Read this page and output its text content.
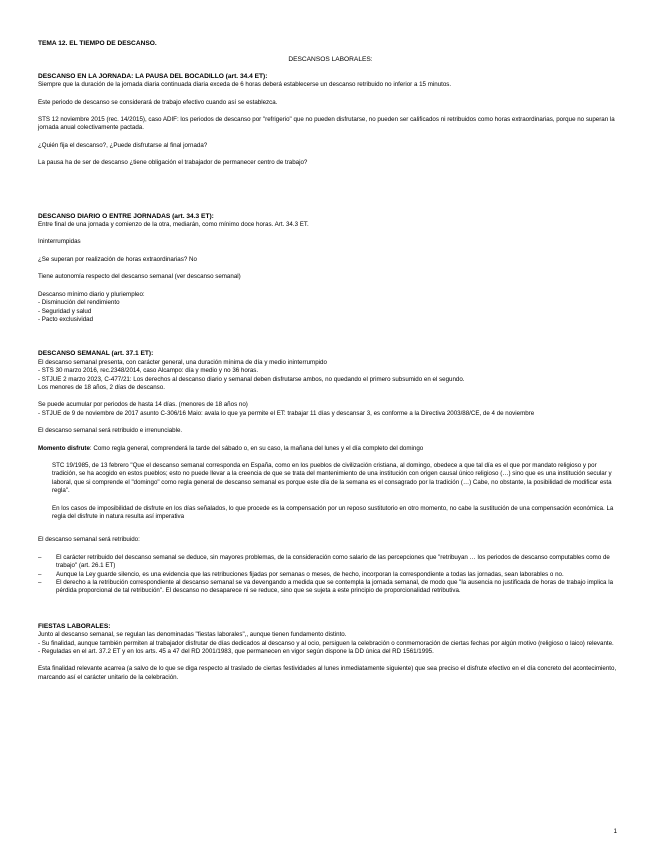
TEMA 12. EL TIEMPO DE DESCANSO.
DESCANSOS LABORALES:
DESCANSO EN LA JORNADA: LA PAUSA DEL BOCADILLO (art. 34.4 ET):

Siempre que la duración de la jornada diaria continuada diaria exceda de 6 horas deberá establecerse un descanso retribuido no inferior a 15 minutos.

Este periodo de descanso se considerará de trabajo efectivo cuando así se establezca.

STS 12 noviembre 2015 (rec. 14/2015), caso ADIF: los periodos de descanso por "refrigerio" que no pueden disfrutarse, no pueden ser calificados ni retribuidos como horas extraordinarias, porque no superan la jornada anual colectivamente pactada.

¿Quién fija el descanso?, ¿Puede disfrutarse al final jornada?

La pausa ha de ser de descanso ¿tiene obligación el trabajador de permanecer centro de trabajo?

DESCANSO DIARIO O ENTRE JORNADAS (art. 34.3 ET):

Entre final de una jornada y comienzo de la otra, mediarán, como mínimo doce horas. Art. 34.3 ET.

Ininterrumpidas

¿Se superan por realización de horas extraordinarias? No

Tiene autonomía respecto del descanso semanal (ver descanso semanal)

Descanso mínimo diario y pluriempleo:
- Disminución del rendimiento
- Seguridad y salud
- Pacto exclusividad
DESCANSO SEMANAL (art. 37.1 ET):
El descanso semanal presenta, con carácter general, una duración mínima de día y medio ininterrumpido
- STS 30 marzo 2016, rec.2348/2014, caso Alcampo: día y medio y no 36 horas.
- STJUE 2 marzo 2023, C-477/21: Los derechos al descanso diario y semanal deben disfrutarse ambos, no quedando el primero subsumido en el segundo.

Los menores de 18 años, 2 días de descanso.

Se puede acumular por periodos de hasta 14 días. (menores de 18 años no)

- STJUE de 9 de noviembre de 2017 asunto C-306/16 Maio: avala lo que ya permite el ET: trabajar 11 días y descansar 3, es conforme a la Directiva 2003/88/CE, de 4 de noviembre

El descanso semanal será retribuido e irrenunciable.

Momento disfrute: Como regla general, comprenderá la tarde del sábado o, en su caso, la mañana del lunes y el día completo del domingo

STC 19/1985, de 13 febrero "Que el descanso semanal corresponda en España, como en los pueblos de civilización cristiana, al domingo, obedece a que tal día es el que por mandato religioso y por tradición, se ha acogido en estos pueblos; esto no puede llevar a la creencia de que se trata del mantenimiento de una institución con origen causal único religioso (…) sino que es una institución secular y laboral, que si comprende el "domingo" como regla general de descanso semanal es porque este día de la semana es el consagrado por la tradición (…) Cabe, no obstante, la posibilidad de modificar esta regla".

En los casos de imposibilidad de disfrute en los días señalados, lo que procede es la compensación por un reposo sustitutorio en otro momento, no cabe la sustitución de una compensación económica. La regla del disfrute in natura resulta así imperativa

El descanso semanal será retribuido:

– El carácter retribuido del descanso semanal se deduce, sin mayores problemas, de la consideración como salario de las percepciones que "retribuyan … los periodos de descanso computables como de trabajo" (art. 26.1 ET)
– Aunque la Ley guarde silencio, es una evidencia que las retribuciones fijadas por semanas o meses, de hecho, incorporan la correspondiente a todas las jornadas, sean laborables o no.
– El derecho a la retribución correspondiente al descanso semanal se va devengando a medida que se contempla la jornada semanal, de modo que "la ausencia no justificada de horas de trabajo implica la pérdida proporcional de tal retribución". El descanso no desaparece ni se reduce, sino que se sujeta a este principio de proporcionalidad retributiva.
FIESTAS LABORALES:
Junto al descanso semanal, se regulan las denominadas "fiestas laborales",, aunque tienen fundamento distinto.
- Su finalidad, aunque también permiten al trabajador disfrutar de días dedicados al descanso y al ocio, persiguen la celebración o conmemoración de ciertas fechas por algún motivo (religioso o laico) relevante.

- Reguladas en el art. 37.2 ET y en los arts. 45 a 47 del RD 2001/1983, que permanecen en vigor según dispone la DD única del RD 1561/1995.

Esta finalidad relevante acarrea (a salvo de lo que se diga respecto al traslado de ciertas festividades al lunes inmediatamente siguiente) que sea preciso el disfrute efectivo en el día concreto del acontecimiento, marcando así el carácter unitario de la celebración.

1
